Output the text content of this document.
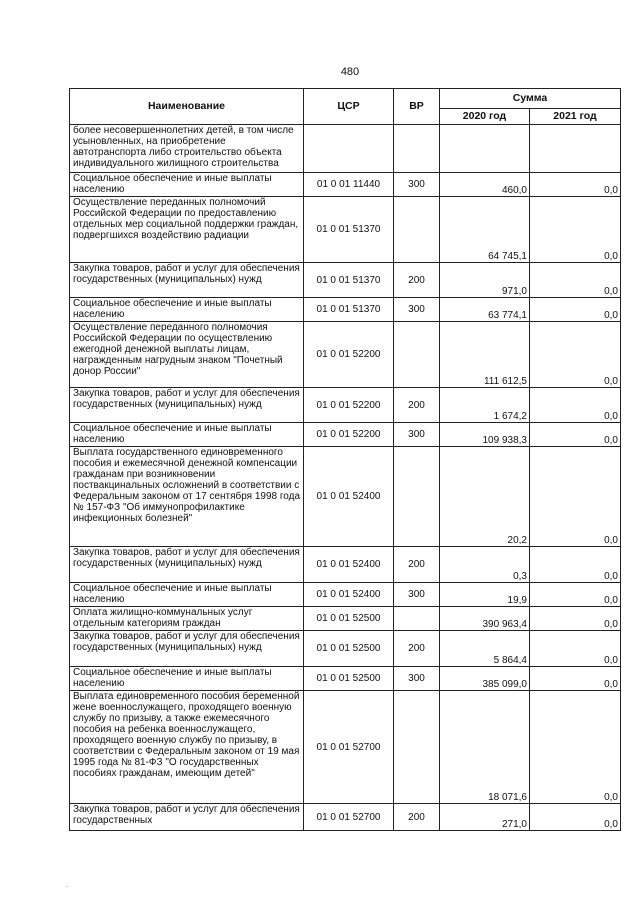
480
Наименование	ЦСР	ВР	Сумма	
			2020 год	2021 год
более несовершеннолетних детей, в том числе усыновленных, на приобретение автотранспорта либо строительство объекта индивидуального жилищного строительства				
Социальное обеспечение и иные выплаты населению	01 0 01 11440	300	460,0	0,0
Осуществление переданных полномочий Российской Федерации по предоставлению отдельных мер социальной поддержки граждан, подвергшихся воздействию радиации	01 0 01 51370		64 745,1	0,0
Закупка товаров, работ и услуг для обеспечения государственных (муниципальных) нужд	01 0 01 51370	200	971,0	0,0
Социальное обеспечение и иные выплаты населению	01 0 01 51370	300	63 774,1	0,0
Осуществление переданного полномочия Российской Федерации по осуществлению ежегодной денежной выплаты лицам, награжденным нагрудным знаком "Почетный донор России"	01 0 01 52200		111 612,5	0,0
Закупка товаров, работ и услуг для обеспечения государственных (муниципальных) нужд	01 0 01 52200	200	1 674,2	0,0
Социальное обеспечение и иные выплаты населению	01 0 01 52200	300	109 938,3	0,0
Выплата государственного единовременного пособия и ежемесячной денежной компенсации гражданам при возникновении поствакцинальных осложнений в соответствии с Федеральным законом от 17 сентября 1998 года № 157-ФЗ "Об иммунопрофилактике инфекционных болезней"	01 0 01 52400		20,2	0,0
Закупка товаров, работ и услуг для обеспечения государственных (муниципальных) нужд	01 0 01 52400	200	0,3	0,0
Социальное обеспечение и иные выплаты населению	01 0 01 52400	300	19,9	0,0
Оплата жилищно-коммунальных услуг отдельным категориям граждан	01 0 01 52500		390 963,4	0,0
Закупка товаров, работ и услуг для обеспечения государственных (муниципальных) нужд	01 0 01 52500	200	5 864,4	0,0
Социальное обеспечение и иные выплаты населению	01 0 01 52500	300	385 099,0	0,0
Выплата единовременного пособия беременной жене военнослужащего, проходящего военную службу по призыву, а также ежемесячного пособия на ребенка военнослужащего, проходящего военную службу по призыву, в соответствии с Федеральным законом от 19 мая 1995 года № 81-ФЗ "О государственных пособиях гражданам, имеющим детей"	01 0 01 52700		18 071,6	0,0
Закупка товаров, работ и услуг для обеспечения государственных	01 0 01 52700	200	271,0	0,0
.
